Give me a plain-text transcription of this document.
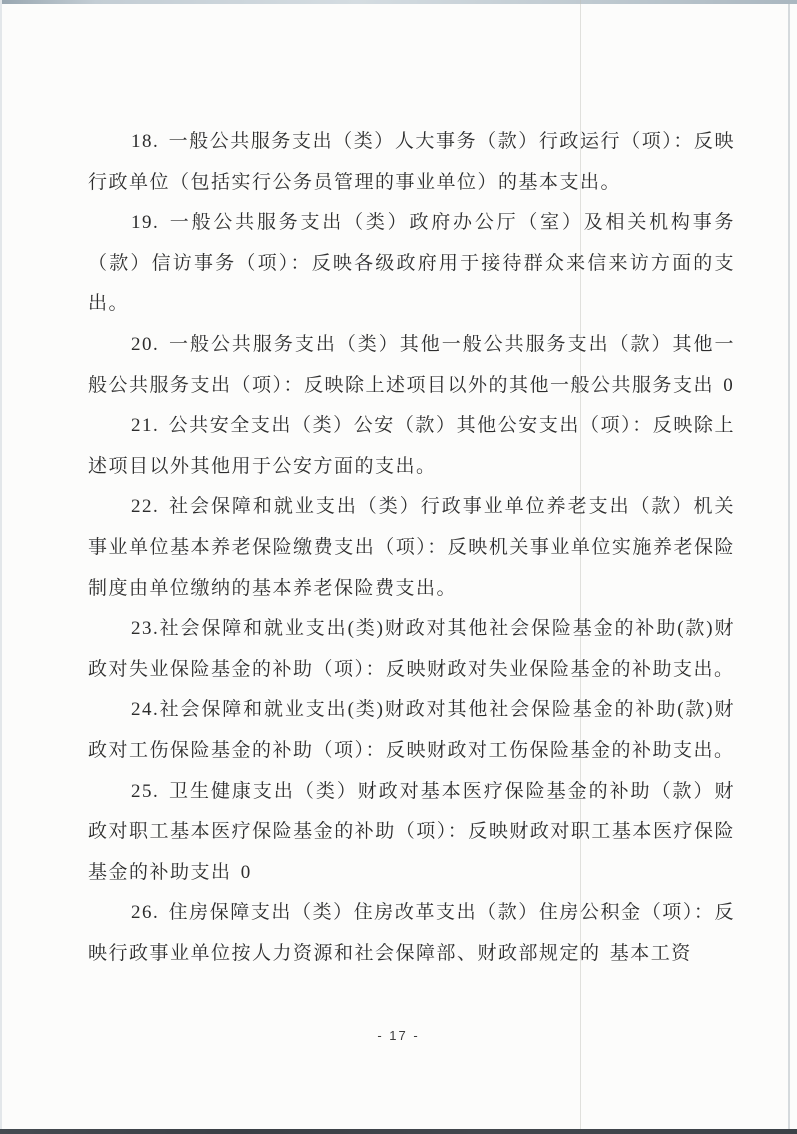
18. 一般公共服务支出（类）人大事务（款）行政运行（项）：反映行政单位（包括实行公务员管理的事业单位）的基本支出。

19. 一般公共服务支出（类）政府办公厅（室）及相关机构事务（款）信访事务（项）：反映各级政府用于接待群众来信来访方面的支出。

20. 一般公共服务支出（类）其他一般公共服务支出（款）其他一般公共服务支出（项）：反映除上述项目以外的其他一般公共服务支出 0

21. 公共安全支出（类）公安（款）其他公安支出（项）：反映除上述项目以外其他用于公安方面的支出。

22. 社会保障和就业支出（类）行政事业单位养老支出（款）机关事业单位基本养老保险缴费支出（项）：反映机关事业单位实施养老保险制度由单位缴纳的基本养老保险费支出。

23.社会保障和就业支出(类)财政对其他社会保险基金的补助(款)财政对失业保险基金的补助（项）：反映财政对失业保险基金的补助支出。

24.社会保障和就业支出(类)财政对其他社会保险基金的补助(款)财政对工伤保险基金的补助（项）：反映财政对工伤保险基金的补助支出。

25. 卫生健康支出（类）财政对基本医疗保险基金的补助（款）财政对职工基本医疗保险基金的补助（项）：反映财政对职工基本医疗保险基金的补助支出 0

26. 住房保障支出（类）住房改革支出（款）住房公积金（项）：反映行政事业单位按人力资源和社会保障部、财政部规定的 基本工资

- 17 -
